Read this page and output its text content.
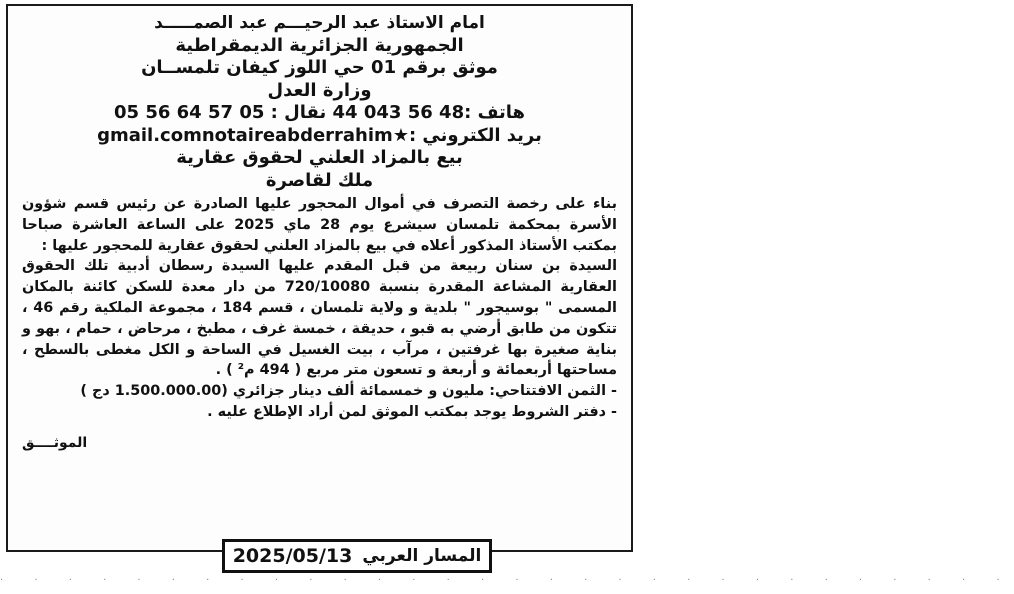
امام الاستاذ عبد الرحيـــم عبد الصمـــــد
الجمهورية الجزائرية الديمقراطية
موثق برقم 01 حي اللوز كيفان تلمســان
وزارة العدل
هاتف :48 56 043 44 نقال : 05 57 64 56 05
بريد الكتروني :★gmail.comnotaireabderrahim
بيع بالمزاد العلني لحقوق عقارية
ملك لقاصرة

بناء على رخصة التصرف في أموال المحجور عليها الصادرة عن رئيس قسم شؤون الأسرة بمحكمة تلمسان سيشرع يوم 28 ماي 2025 على الساعة العاشرة صباحا بمكتب الأستاذ المذكور أعلاه في بيع بالمزاد العلني لحقوق عقارية للمحجور عليها :

السيدة بن سنان ربيعة من قبل المقدم عليها السيدة رسطان أدبية تلك الحقوق العقارية المشاعة المقدرة بنسبة 720/10080 من دار معدة للسكن كائنة بالمكان المسمى " بوسيجور " بلدية و ولاية تلمسان ، قسم 184 ، مجموعة الملكية رقم 46 ، تتكون من طابق أرضي به قبو ، حديقة ، خمسة غرف ، مطبخ ، مرحاض ، حمام ، بهو و بناية صغيرة بها غرفتين ، مرآب ، بيت الغسيل في الساحة و الكل مغطى بالسطح ، مساحتها أربعمائة و أربعة و تسعون متر مربع ( 494 م² ) .

- الثمن الافتتاحي: مليون و خمسمائة ألف دينار جزائري (1.500.000.00 دج )

- دفتر الشروط يوجد بمكتب الموثق لمن أراد الإطلاع عليه .

الموثــــق
المسار العربي
2025/05/13
· · · · · · · · · · · · · · · · · · · · · · · · · · · · · ·
